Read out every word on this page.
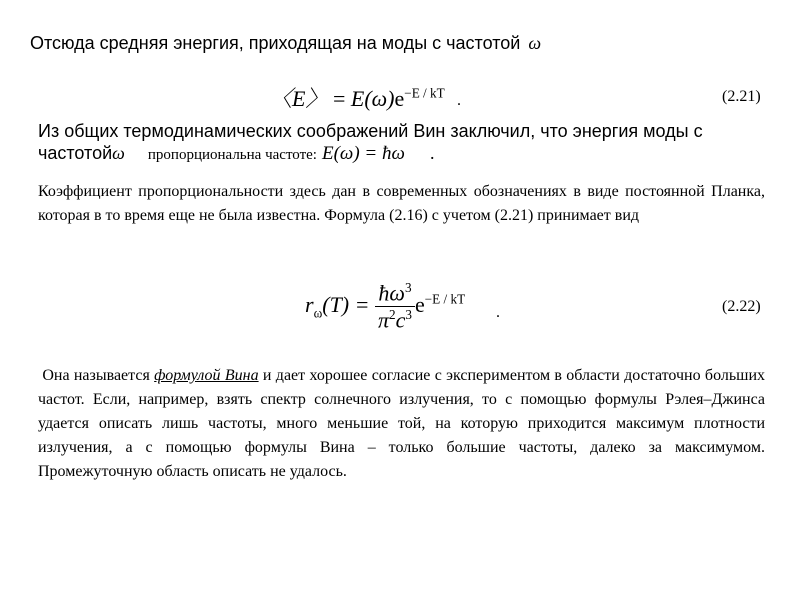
Отсюда средняя энергия, приходящая на моды с частотой ω
〈E〉 = $E(\omega)e^{-E / kT}$ .	(2.21)
Из общих термодинамических соображений Вин заключил, что энергия моды с частотойω пропорциональна частоте: E(ω) = ħω .
Коэффициент пропорциональности здесь дан в современных обозначениях в виде постоянной Планка, которая в то время еще не была известна. Формула (2.16) с учетом (2.21) принимает вид
$r_\omega(T) = \frac{ħ\omega^3}{\pi^2c^3} e^{-E / kT}$
.	(2.22)
Она называется формулой Вина и дает хорошее согласие с экспериментом в области достаточно больших частот. Если, например, взять спектр солнечного излучения, то с помощью формулы Рэлея–Джинса удается описать лишь частоты, много меньшие той, на которую приходится максимум плотности излучения, а с помощью формулы Вина – только большие частоты, далеко за максимумом. Промежуточную область описать не удалось.
